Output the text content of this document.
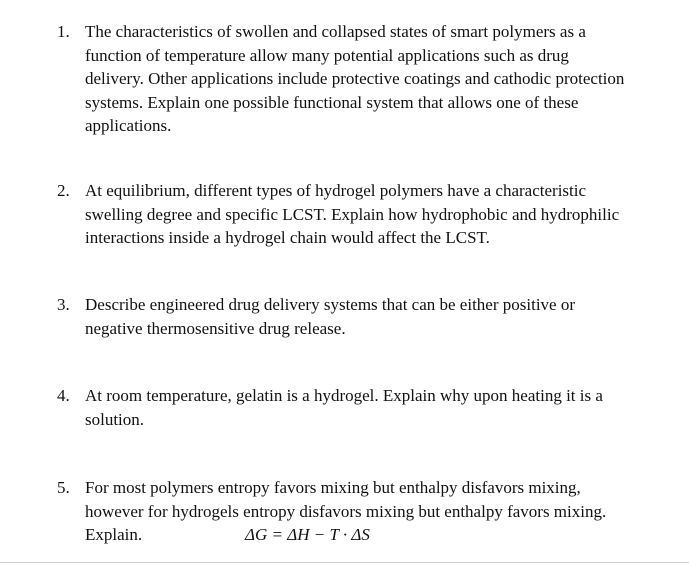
1. The characteristics of swollen and collapsed states of smart polymers as a
function of temperature allow many potential applications such as drug
delivery. Other applications include protective coatings and cathodic protection
systems. Explain one possible functional system that allows one of these
applications.
2. At equilibrium, different types of hydrogel polymers have a characteristic
swelling degree and specific LCST. Explain how hydrophobic and hydrophilic
interactions inside a hydrogel chain would affect the LCST.
3. Describe engineered drug delivery systems that can be either positive or
negative thermosensitive drug release.
4. At room temperature, gelatin is a hydrogel. Explain why upon heating it is a
solution.
5. For most polymers entropy favors mixing but enthalpy disfavors mixing,
however for hydrogels entropy disfavors mixing but enthalpy favors mixing.
Explain.	ΔG = ΔH − T · ΔS
